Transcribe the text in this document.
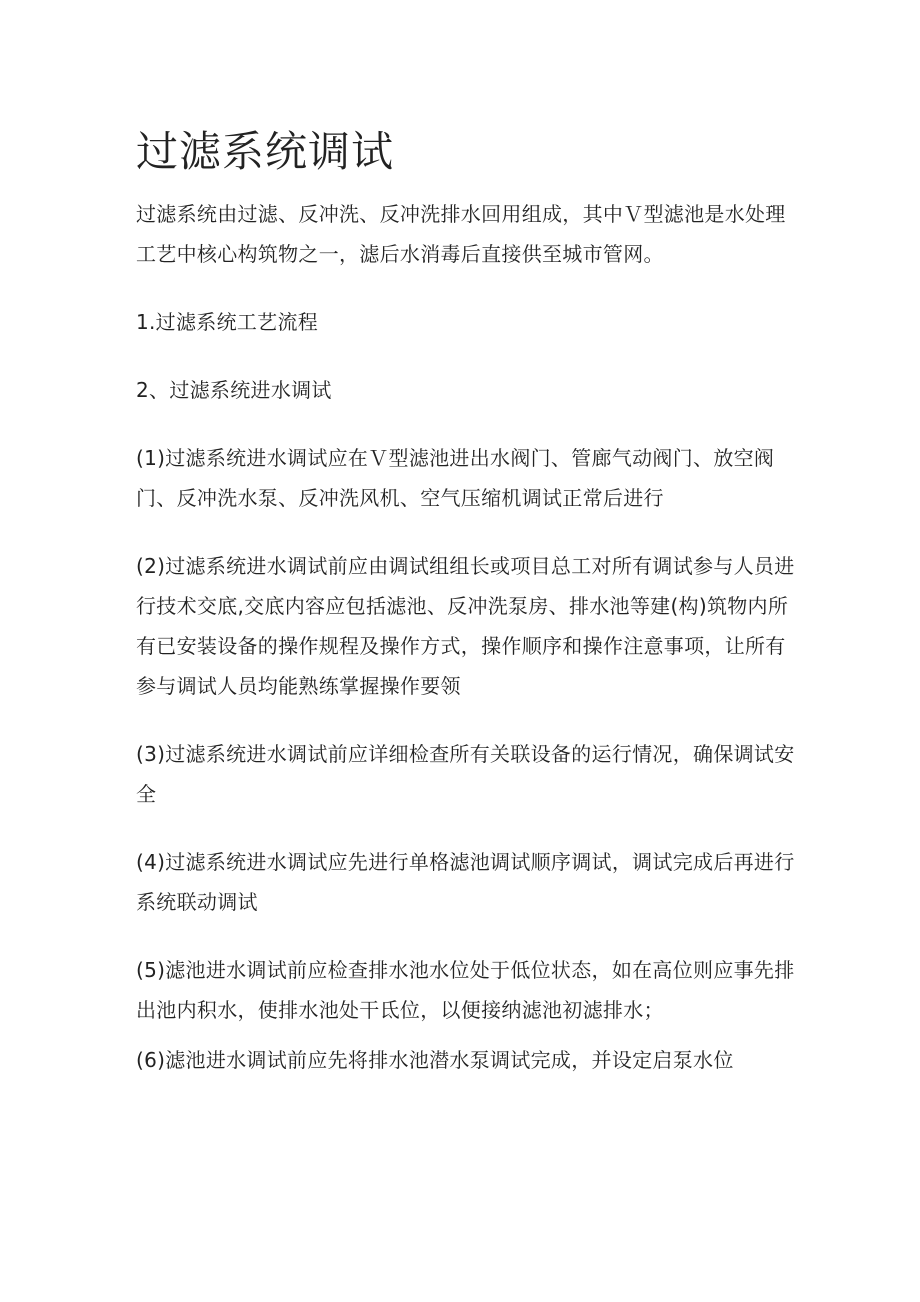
过滤系统调试

过滤系统由过滤、反冲洗、反冲洗排水回用组成，其中Ｖ型滤池是水处理工艺中核心构筑物之一，滤后水消毒后直接供至城市管网。

1.过滤系统工艺流程

2、过滤系统进水调试

(1)过滤系统进水调试应在Ｖ型滤池进出水阀门、管廊气动阀门、放空阀门、反冲洗水泵、反冲洗风机、空气压缩机调试正常后进行

(2)过滤系统进水调试前应由调试组组长或项目总工对所有调试参与人员进行技术交底,交底内容应包括滤池、反冲洗泵房、排水池等建(构)筑物内所有已安装设备的操作规程及操作方式，操作顺序和操作注意事项，让所有参与调试人员均能熟练掌握操作要领

(3)过滤系统进水调试前应详细检查所有关联设备的运行情况，确保调试安全

(4)过滤系统进水调试应先进行单格滤池调试顺序调试，调试完成后再进行系统联动调试

(5)滤池进水调试前应检查排水池水位处于低位状态，如在高位则应事先排出池内积水，使排水池处干氐位，以便接纳滤池初滤排水；

(6)滤池进水调试前应先将排水池潜水泵调试完成，并设定启泵水位
